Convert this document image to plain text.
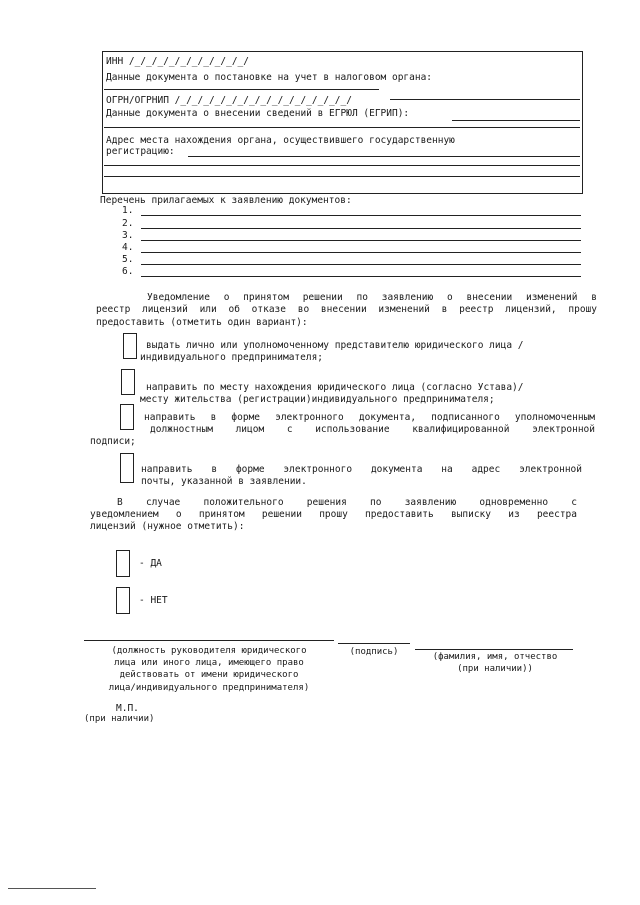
ИНН /_/_/_/_/_/_/_/_/_/_/
Данные документа о постановке на учет в налоговом органа:
ОГРН/ОГРНИП /_/_/_/_/_/_/_/_/_/_/_/_/_/_/_/
Данные документа о внесении сведений в ЕГРЮЛ (ЕГРИП):
Адрес места нахождения органа, осуществившего государственную
регистрацию:
Перечень прилагаемых к заявлению документов:
1.
2.
3.
4.
5.
6.
Уведомление о принятом решении по заявлению о внесении изменений в
реестр лицензий или об отказе во внесении изменений в реестр лицензий, прошу
предоставить (отметить один вариант):
выдать лично или уполномоченному представителю юридического лица /
индивидуального предпринимателя;
направить по месту нахождения юридического лица (согласно Устава)/
месту жительства (регистрации)индивидуального предпринимателя;
направить в форме электронного документа, подписанного уполномоченным
должностным лицом с использование квалифицированной электронной
подписи;
направить в форме электронного документа на адрес электронной
почты, указанной в заявлении.
В случае положительного решения по заявлению одновременно с
уведомлением о принятом решении прошу предоставить выписку из реестра
лицензий (нужное отметить):
- ДА
- НЕТ
(должность руководителя юридического
лица или иного лица, имеющего право
действовать от имени юридического
лица/индивидуального предпринимателя)
(подпись)	(фамилия, имя, отчество
(при наличии))
М.П.
(при наличии)
